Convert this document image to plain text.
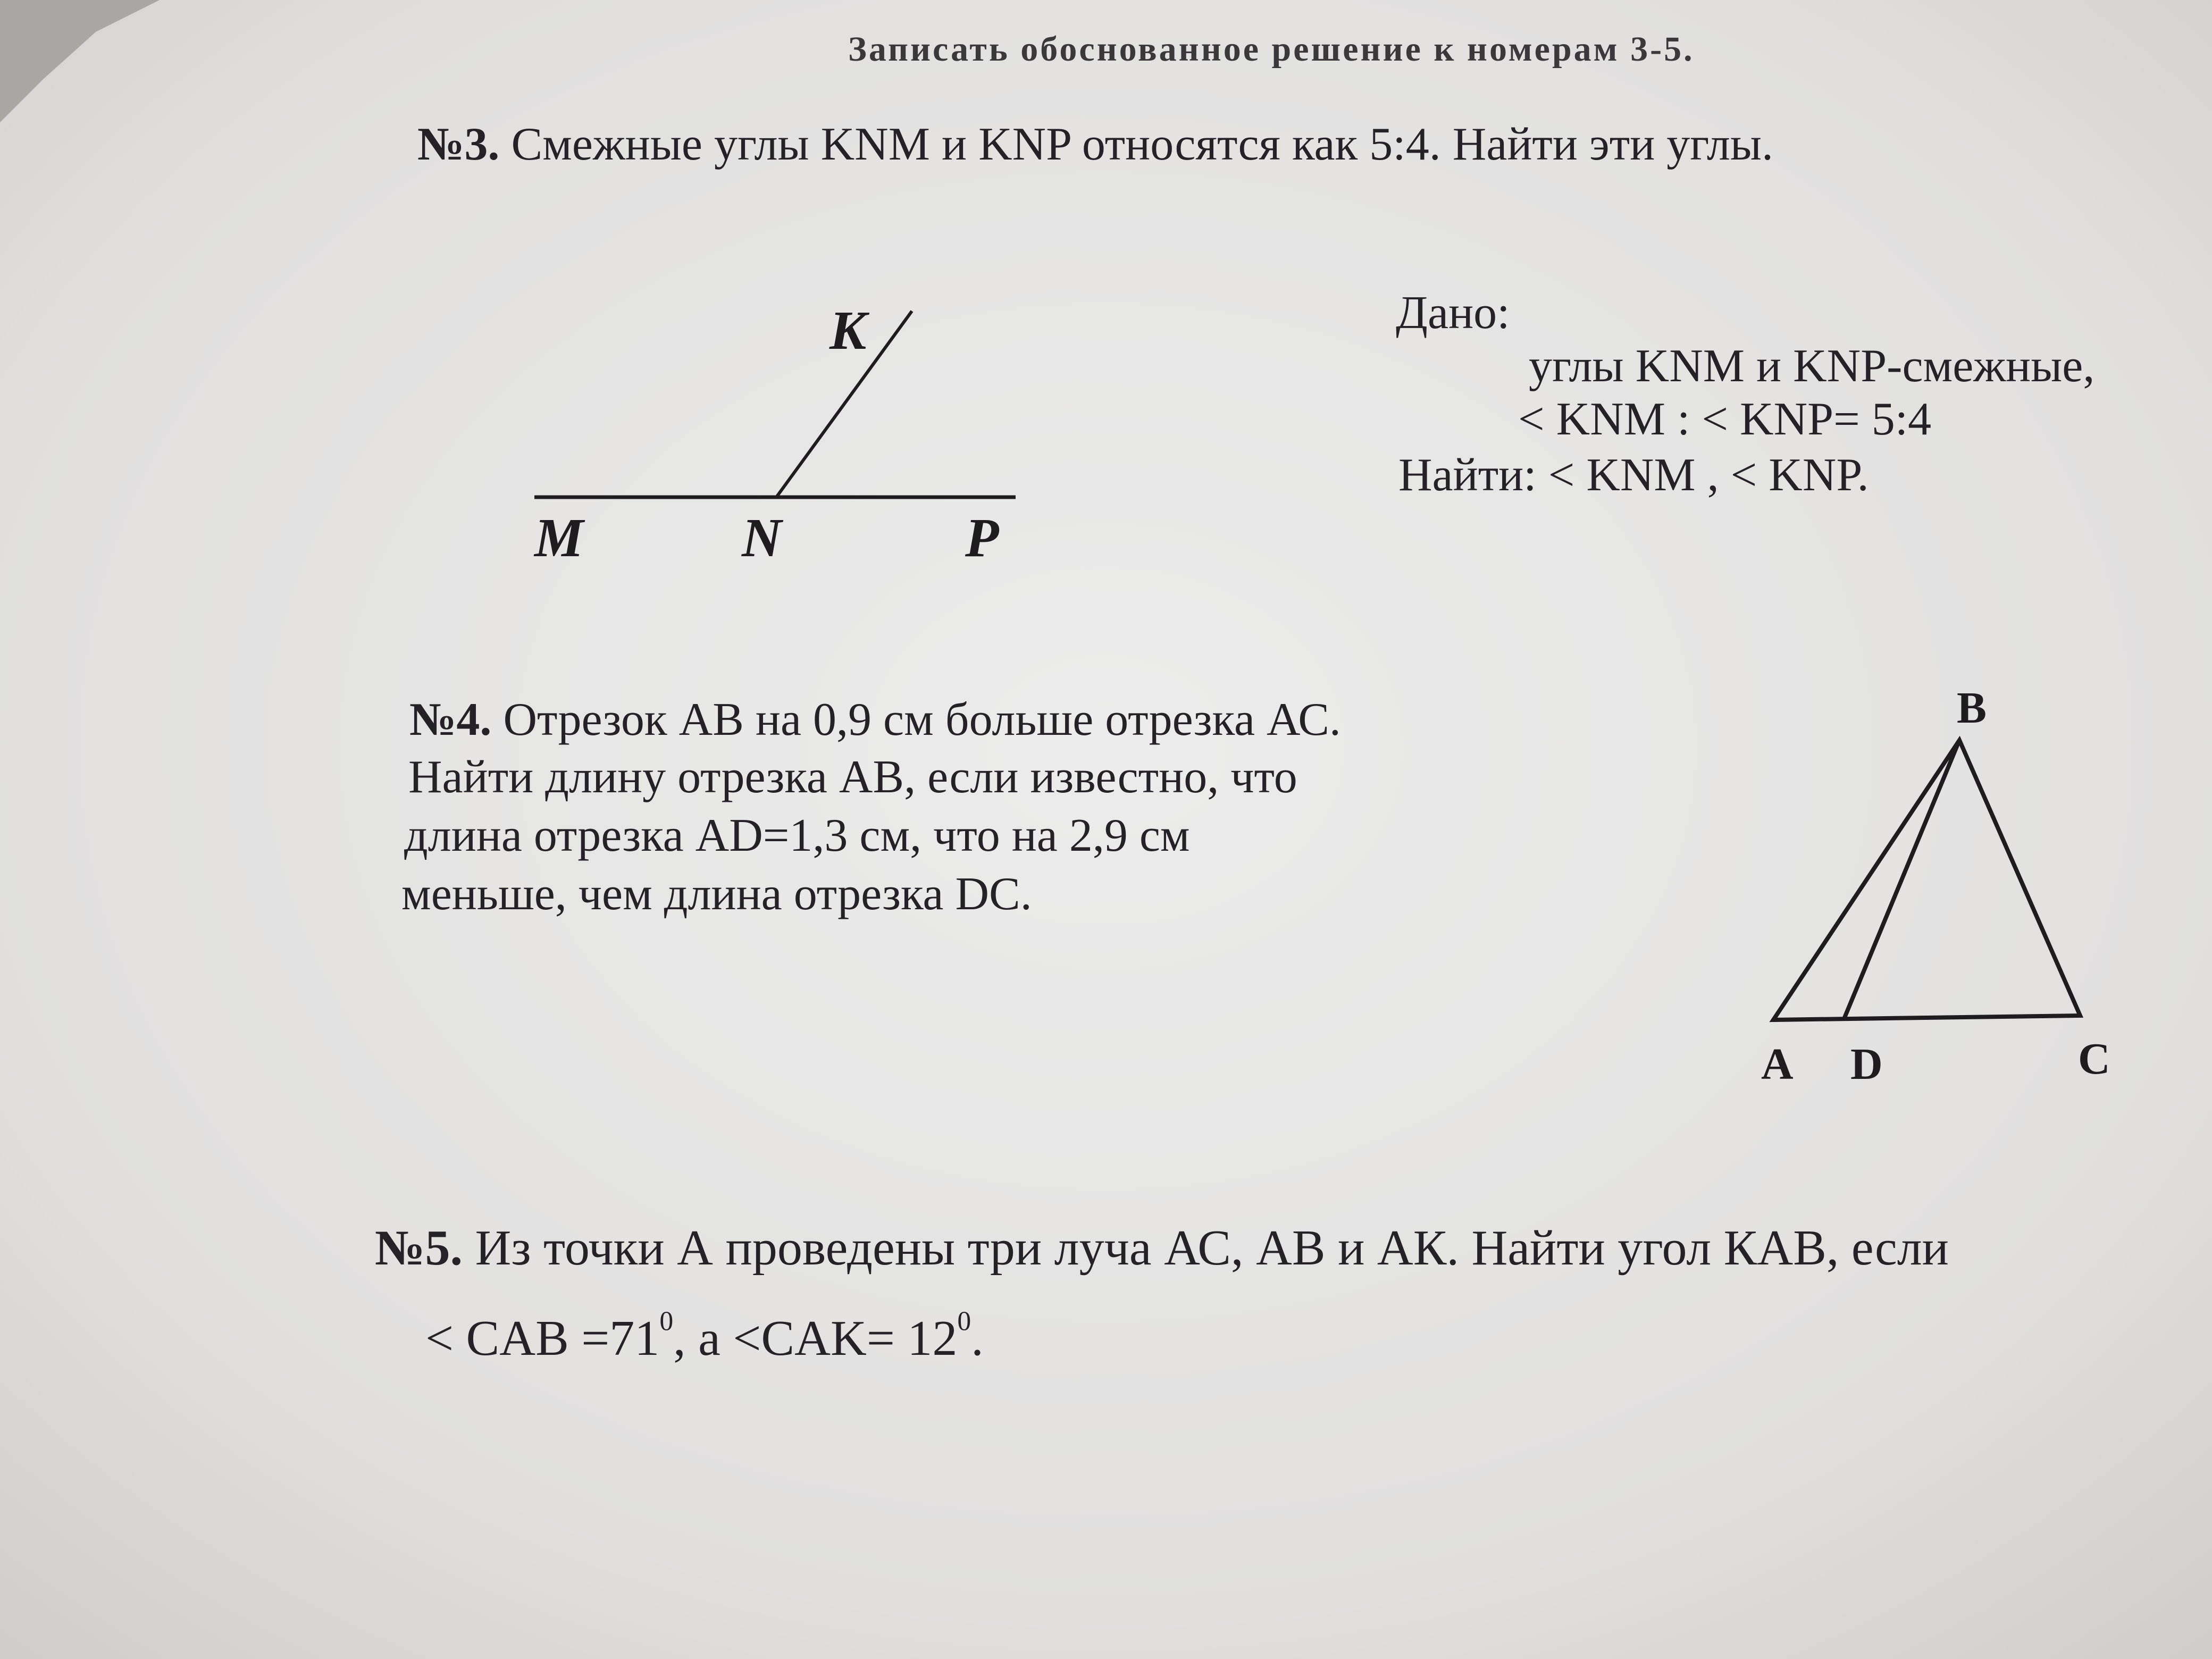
Записать обоснованное решение к номерам 3-5.
№3. Смежные углы KNM и KNP относятся как 5:4. Найти эти углы.
K
M	N	P
Дано:
углы KNM и KNP-смежные,
< KNM : < KNP= 5:4
Найти: < KNM , < KNP.
№4. Отрезок АВ на 0,9 см больше отрезка АС.
Найти длину отрезка АВ, если известно, что
длина отрезка AD=1,3 см, что на 2,9 см
меньше, чем длина отрезка DC.
B
A D	C
№5. Из точки А проведены три луча АС, АВ и АК. Найти угол КАВ, если
< CAB $=71^0$, $а <CAK= 12^0$.
